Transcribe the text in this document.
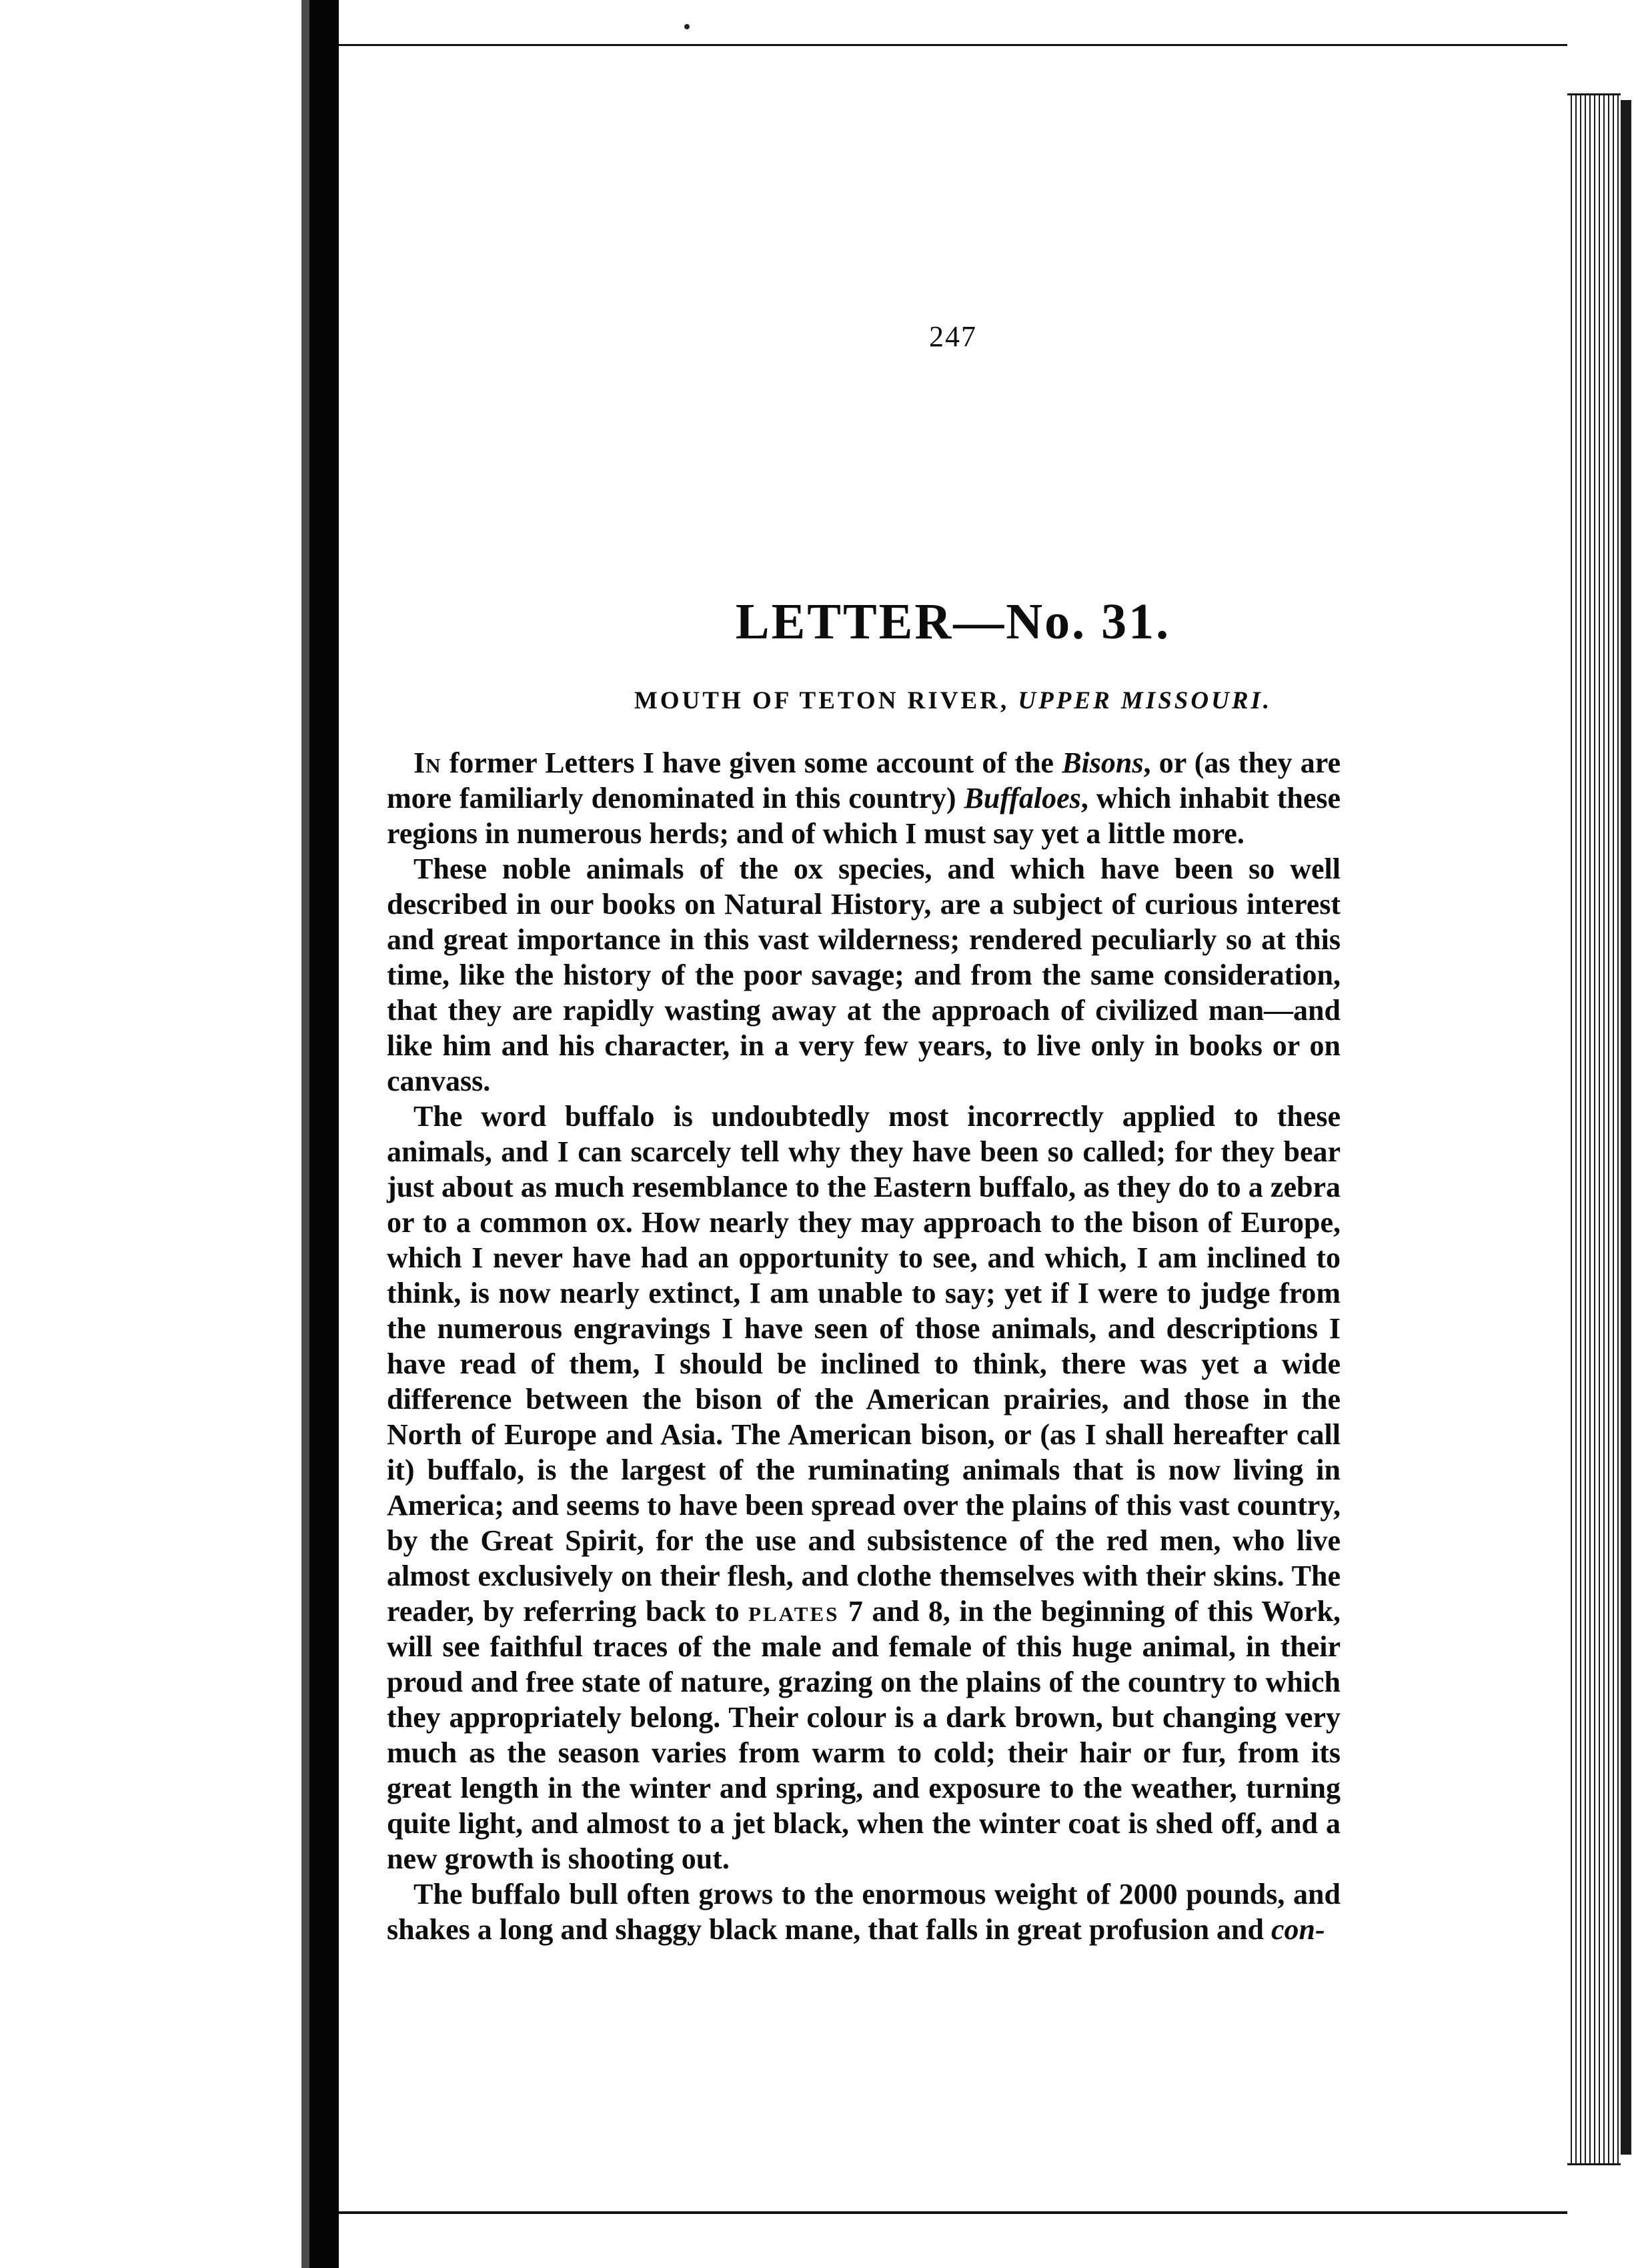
247
LETTER—No. 31.
MOUTH OF TETON RIVER, UPPER MISSOURI.

In former Letters I have given some account of the Bisons, or (as they are more familiarly denominated in this country) Buffaloes, which inhabit these regions in numerous herds; and of which I must say yet a little more.

These noble animals of the ox species, and which have been so well described in our books on Natural History, are a subject of curious interest and great importance in this vast wilderness; rendered peculiarly so at this time, like the history of the poor savage; and from the same consideration, that they are rapidly wasting away at the approach of civilized man—and like him and his character, in a very few years, to live only in books or on canvass.

The word buffalo is undoubtedly most incorrectly applied to these animals, and I can scarcely tell why they have been so called; for they bear just about as much resemblance to the Eastern buffalo, as they do to a zebra or to a common ox. How nearly they may approach to the bison of Europe, which I never have had an opportunity to see, and which, I am inclined to think, is now nearly extinct, I am unable to say; yet if I were to judge from the numerous engravings I have seen of those animals, and descriptions I have read of them, I should be inclined to think, there was yet a wide difference between the bison of the American prairies, and those in the North of Europe and Asia. The American bison, or (as I shall hereafter call it) buffalo, is the largest of the ruminating animals that is now living in America; and seems to have been spread over the plains of this vast country, by the Great Spirit, for the use and subsistence of the red men, who live almost exclusively on their flesh, and clothe themselves with their skins. The reader, by referring back to plates 7 and 8, in the beginning of this Work, will see faithful traces of the male and female of this huge animal, in their proud and free state of nature, grazing on the plains of the country to which they appropriately belong. Their colour is a dark brown, but changing very much as the season varies from warm to cold; their hair or fur, from its great length in the winter and spring, and exposure to the weather, turning quite light, and almost to a jet black, when the winter coat is shed off, and a new growth is shooting out.

The buffalo bull often grows to the enormous weight of 2000 pounds, and shakes a long and shaggy black mane, that falls in great profusion and con-
